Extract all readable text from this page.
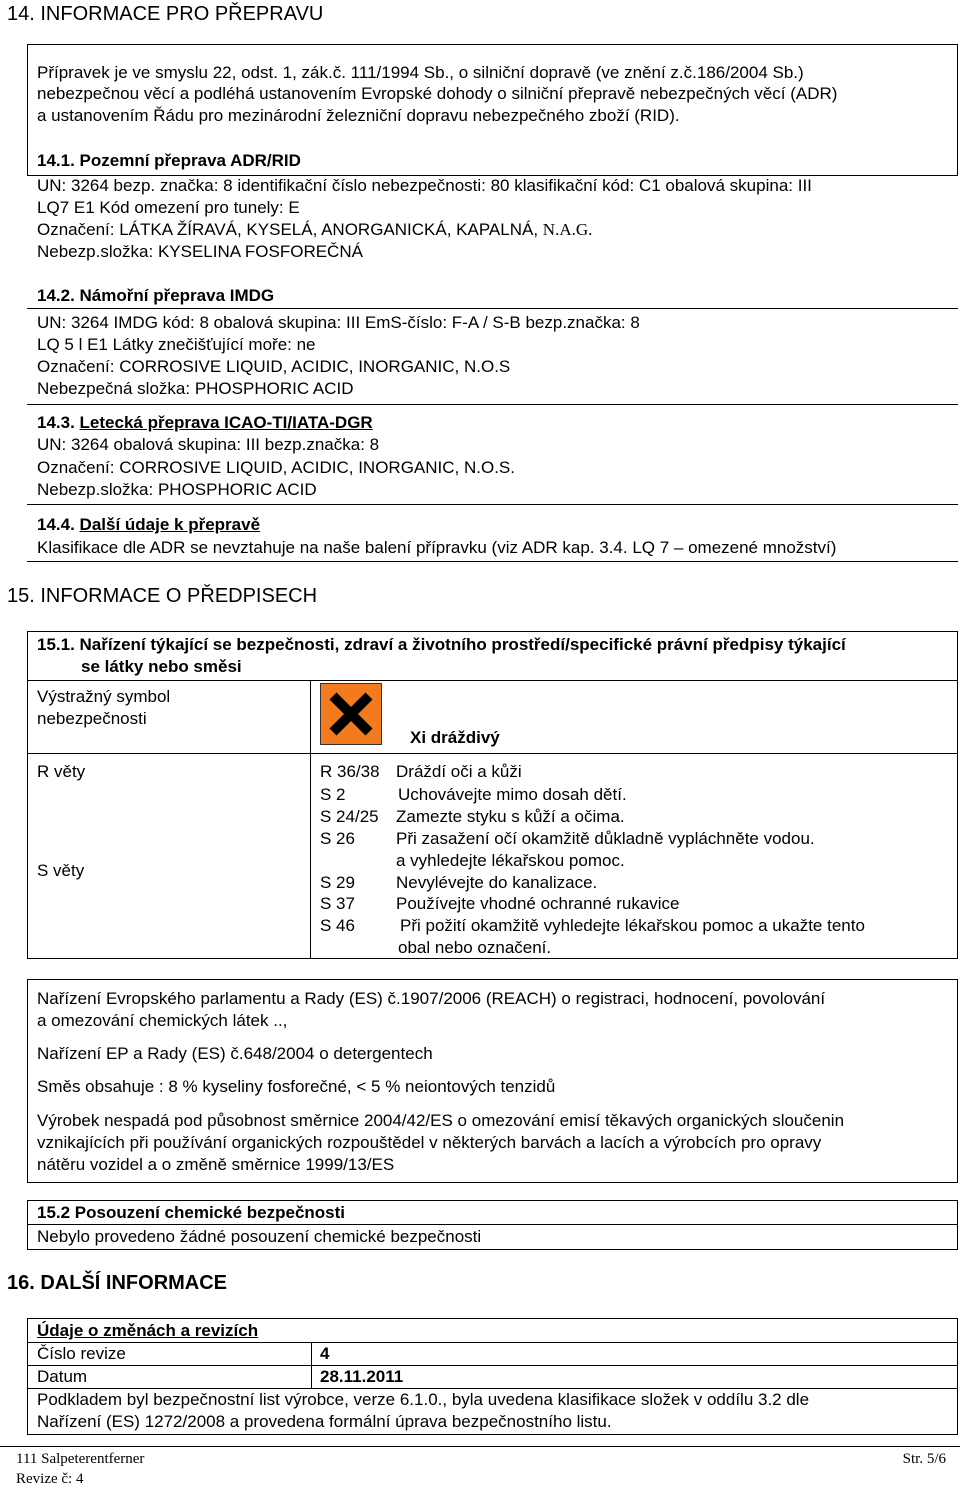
14. INFORMACE PRO PŘEPRAVU
Přípravek je ve smyslu 22, odst. 1, zák.č. 111/1994 Sb., o silniční dopravě (ve znění z.č.186/2004 Sb.)
nebezpečnou věcí a podléhá ustanovením Evropské dohody o silniční přepravě nebezpečných věcí (ADR)
a ustanovením Řádu pro mezinárodní železniční dopravu nebezpečného zboží (RID).
14.1. Pozemní přeprava ADR/RID
UN: 3264 bezp. značka: 8 identifikační číslo nebezpečnosti: 80 klasifikační kód: C1 obalová skupina: III
LQ7 E1 Kód omezení pro tunely: E
Označení: LÁTKA ŽÍRAVÁ, KYSELÁ, ANORGANICKÁ, KAPALNÁ, N.A.G.
Nebezp.složka: KYSELINA FOSFOREČNÁ
14.2. Námořní přeprava IMDG
UN: 3264 IMDG kód: 8 obalová skupina: III EmS-číslo: F-A / S-B bezp.značka: 8
LQ 5 l E1 Látky znečišťující moře: ne
Označení: CORROSIVE LIQUID, ACIDIC, INORGANIC, N.O.S
Nebezpečná složka: PHOSPHORIC ACID
14.3. Letecká přeprava ICAO-TI/IATA-DGR
UN: 3264 obalová skupina: III bezp.značka: 8
Označení: CORROSIVE LIQUID, ACIDIC, INORGANIC, N.O.S.
Nebezp.složka: PHOSPHORIC ACID
14.4. Další údaje k přepravě
Klasifikace dle ADR se nevztahuje na naše balení přípravku (viz ADR kap. 3.4. LQ 7 – omezené množství)
15. INFORMACE O PŘEDPISECH
15.1. Nařízení týkající se bezpečnosti, zdraví a životního prostředí/specifické právní předpisy týkající
se látky nebo směsi
Výstražný symbol
nebezpečnosti
Xi dráždivý
R věty
S věty
R 36/38 Dráždí oči a kůži
S 2	Uchovávejte mimo dosah dětí.
S 24/25 Zamezte styku s kůží a očima.
S 26 Při zasažení očí okamžitě důkladně vypláchněte vodou.
a vyhledejte lékařskou pomoc.
S 29 Nevylévejte do kanalizace.
S 37 Používejte vhodné ochranné rukavice
S 46	Při požití okamžitě vyhledejte lékařskou pomoc a ukažte tento
obal nebo označení.
Nařízení Evropského parlamentu a Rady (ES) č.1907/2006 (REACH) o registraci, hodnocení, povolování
a omezování chemických látek ..,
Nařízení EP a Rady (ES) č.648/2004 o detergentech
Směs obsahuje : 8 % kyseliny fosforečné, < 5 % neiontových tenzidů
Výrobek nespadá pod působnost směrnice 2004/42/ES o omezování emisí těkavých organických sloučenin
vznikajících při používání organických rozpouštědel v některých barvách a lacích a výrobcích pro opravy
nátěru vozidel a o změně směrnice 1999/13/ES
15.2 Posouzení chemické bezpečnosti
Nebylo provedeno žádné posouzení chemické bezpečnosti
16. DALŠÍ INFORMACE
Údaje o změnách a revizích
Číslo revize	4
Datum	28.11.2011
Podkladem byl bezpečnostní list výrobce, verze 6.1.0., byla uvedena klasifikace složek v oddílu 3.2 dle
Nařízení (ES) 1272/2008 a provedena formální úprava bezpečnostního listu.
111 Salpeterentferner
Revize č: 4
Str. 5/6
